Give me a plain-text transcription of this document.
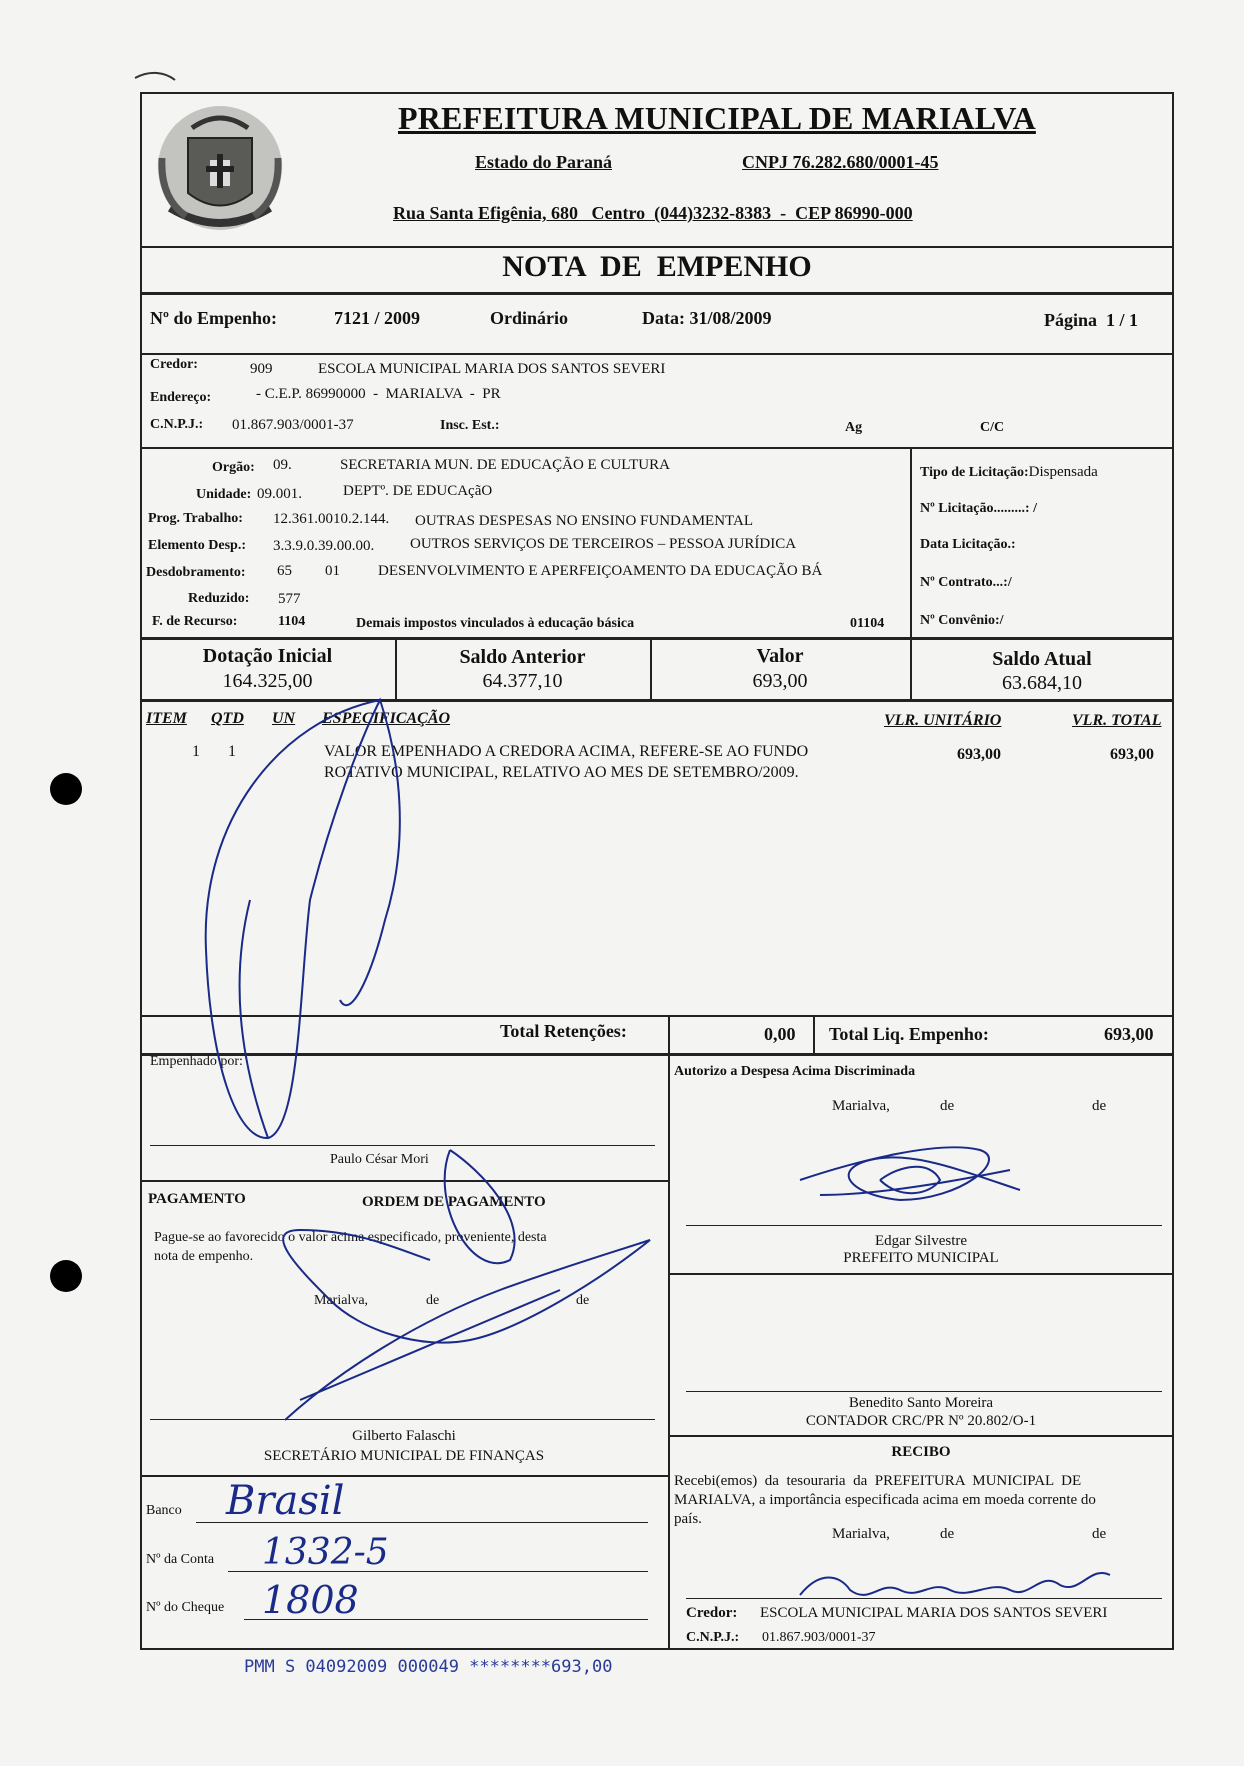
PREFEITURA MUNICIPAL DE MARIALVA
Estado do Paraná	CNPJ 76.282.680/0001-45
Rua Santa Efigênia, 680   Centro  (044)3232-8383  -  CEP 86990-000
NOTA  DE  EMPENHO
Nº do Empenho:	7121 / 2009	Ordinário	Data: 31/08/2009	Página  1 / 1
Credor:	909	ESCOLA MUNICIPAL MARIA DOS SANTOS SEVERI
Endereço:	- C.E.P. 86990000  -  MARIALVA  -  PR
C.N.P.J.: 01.867.903/0001-37	Insc. Est.:	Ag	C/C
Orgão: 09.	SECRETARIA MUN. DE EDUCAÇÃO E CULTURA
Unidade: 09.001.	DEPTº. DE EDUCAçãO
Prog. Trabalho: 12.361.0010.2.144. OUTRAS DESPESAS NO ENSINO FUNDAMENTAL
Elemento Desp.: 3.3.9.0.39.00.00. OUTROS SERVIÇOS DE TERCEIROS – PESSOA JURÍDICA
Desdobramento: 65 01	DESENVOLVIMENTO E APERFEIÇOAMENTO DA EDUCAÇÃO BÁ
Reduzido: 577
F. de Recurso:	1104	Demais impostos vinculados à educação básica	01104
Tipo de Licitação:Dispensada
Nº Licitação.........: /
Data Licitação.:
Nº Contrato...:/
Nº Convênio:/
Dotação Inicial
164.325,00
Saldo Anterior
64.377,10
Valor
693,00
Saldo Atual
63.684,10
ITEM QTD UN ESPECIFICAÇÃO	VLR. UNITÁRIO	VLR. TOTAL
1 1	VALOR EMPENHADO A CREDORA ACIMA, REFERE-SE AO FUNDO
ROTATIVO MUNICIPAL, RELATIVO AO MES DE SETEMBRO/2009.
693,00	693,00
Total Retenções:	0,00 Total Liq. Empenho:	693,00
Empenhado por:
Paulo César Mori
Autorizo a Despesa Acima Discriminada
Marialva,	de	de
Edgar Silvestre
PREFEITO MUNICIPAL
PAGAMENTO	ORDEM DE PAGAMENTO
Pague-se ao favorecido o valor acima especificado, proveniente, desta
nota de empenho.
Marialva,	de	de
Gilberto Falaschi
SECRETÁRIO MUNICIPAL DE FINANÇAS
Benedito Santo Moreira
CONTADOR CRC/PR Nº 20.802/O-1
RECIBO
Recebi(emos)  da  tesouraria  da  PREFEITURA  MUNICIPAL  DE
MARIALVA, a importância especificada acima em moeda corrente do
país.
Marialva,	de	de
Credor: ESCOLA MUNICIPAL MARIA DOS SANTOS SEVERI
C.N.P.J.: 01.867.903/0001-37
Banco Brasil
Nº da Conta 1332-5
Nº do Cheque 1808
PMM S 04092009 000049 ********693,00
